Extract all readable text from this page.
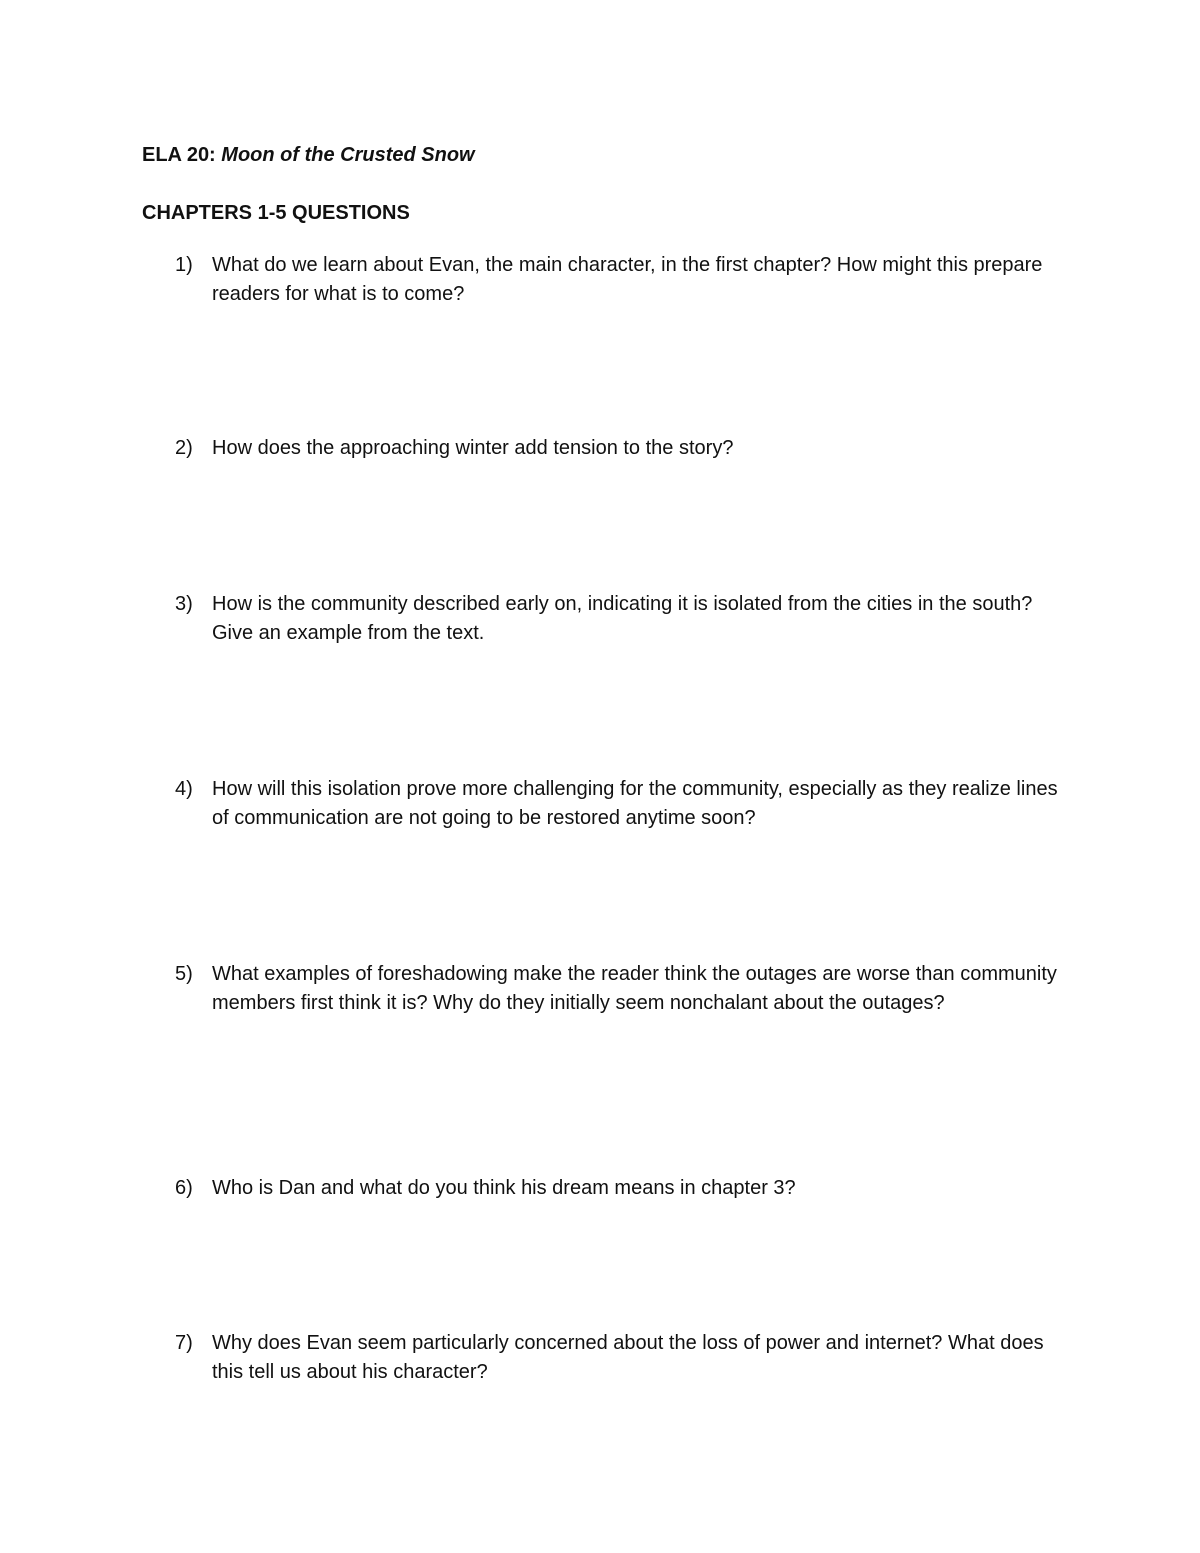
ELA 20: Moon of the Crusted Snow
CHAPTERS 1-5 QUESTIONS
1) What do we learn about Evan, the main character, in the first chapter? How might this prepare readers for what is to come?
2) How does the approaching winter add tension to the story?
3) How is the community described early on, indicating it is isolated from the cities in the south? Give an example from the text.
4) How will this isolation prove more challenging for the community, especially as they realize lines of communication are not going to be restored anytime soon?
5) What examples of foreshadowing make the reader think the outages are worse than community members first think it is? Why do they initially seem nonchalant about the outages?
6) Who is Dan and what do you think his dream means in chapter 3?
7) Why does Evan seem particularly concerned about the loss of power and internet? What does this tell us about his character?
